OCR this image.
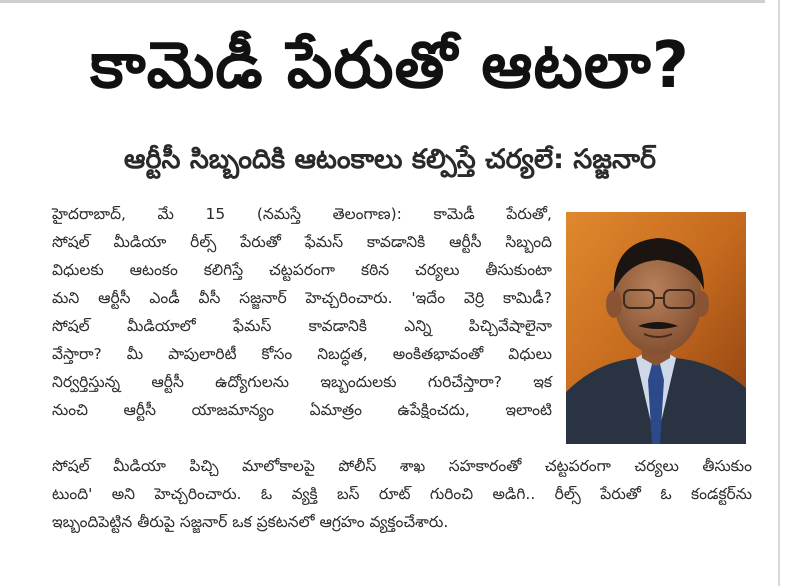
కామెడీ పేరుతో ఆటలా?
ఆర్టీసీ సిబ్బందికి ఆటంకాలు కల్పిస్తే చర్యలే: సజ్జనార్
హైదరాబాద్, మే 15 (నమస్తే తెలంగాణ): కామెడీ పేరుతో,
సోషల్ మీడియా రీల్స్ పేరుతో ఫేమస్ కావడానికి ఆర్టీసీ సిబ్బంది
విధులకు ఆటంకం కలిగిస్తే చట్టపరంగా కఠిన చర్యలు తీసుకుంటా
మని ఆర్టీసీ ఎండీ వీసీ సజ్జనార్ హెచ్చరించారు. 'ఇదేం వెర్రి కామిడీ?
సోషల్ మీడియాలో ఫేమస్ కావడానికి ఎన్ని పిచ్చివేషాలైనా
వేస్తారా? మీ పాపులారిటీ కోసం నిబద్ధత, అంకితభావంతో విధులు
నిర్వర్తిస్తున్న ఆర్టీసీ ఉద్యోగులను ఇబ్బందులకు గురిచేస్తారా? ఇక
నుంచి ఆర్టీసీ యాజమాన్యం ఏమాత్రం ఉపేక్షించదు, ఇలాంటి
సోషల్ మీడియా పిచ్చి మాలోకాలపై పోలీస్ శాఖ సహకారంతో చట్టపరంగా చర్యలు తీసుకుం
టుంది' అని హెచ్చరించారు. ఓ వ్యక్తి బస్ రూట్ గురించి అడిగి.. రీల్స్ పేరుతో ఓ కండక్టర్‌ను
ఇబ్బందిపెట్టిన తీరుపై సజ్జనార్ ఒక ప్రకటనలో ఆగ్రహం వ్యక్తంచేశారు.
